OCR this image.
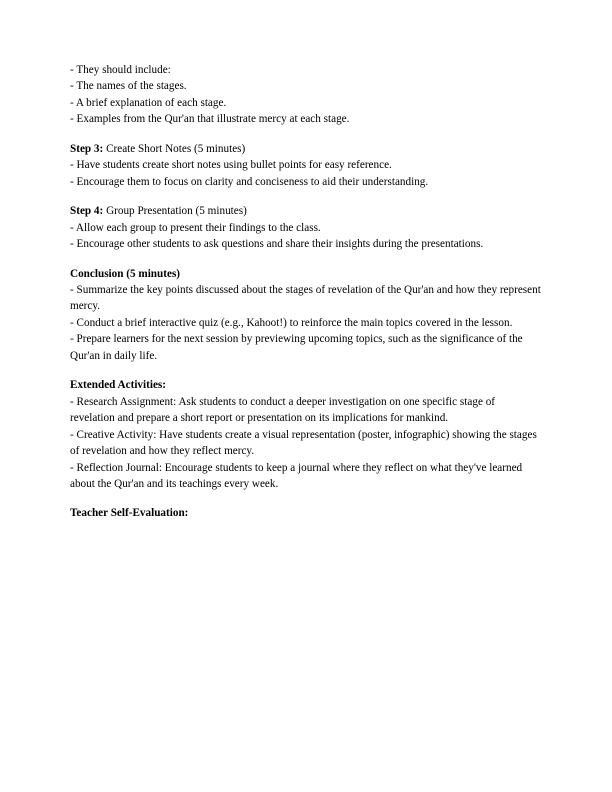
- They should include:

- The names of the stages.

- A brief explanation of each stage.

- Examples from the Qur'an that illustrate mercy at each stage.

Step 3: Create Short Notes (5 minutes)

- Have students create short notes using bullet points for easy reference.

- Encourage them to focus on clarity and conciseness to aid their understanding.

Step 4: Group Presentation (5 minutes)

- Allow each group to present their findings to the class.

- Encourage other students to ask questions and share their insights during the presentations.

Conclusion (5 minutes)

- Summarize the key points discussed about the stages of revelation of the Qur'an and how they represent mercy.

- Conduct a brief interactive quiz (e.g., Kahoot!) to reinforce the main topics covered in the lesson.

- Prepare learners for the next session by previewing upcoming topics, such as the significance of the Qur'an in daily life.

Extended Activities:

- Research Assignment: Ask students to conduct a deeper investigation on one specific stage of revelation and prepare a short report or presentation on its implications for mankind.

- Creative Activity: Have students create a visual representation (poster, infographic) showing the stages of revelation and how they reflect mercy.

- Reflection Journal: Encourage students to keep a journal where they reflect on what they've learned about the Qur'an and its teachings every week.

Teacher Self-Evaluation:
